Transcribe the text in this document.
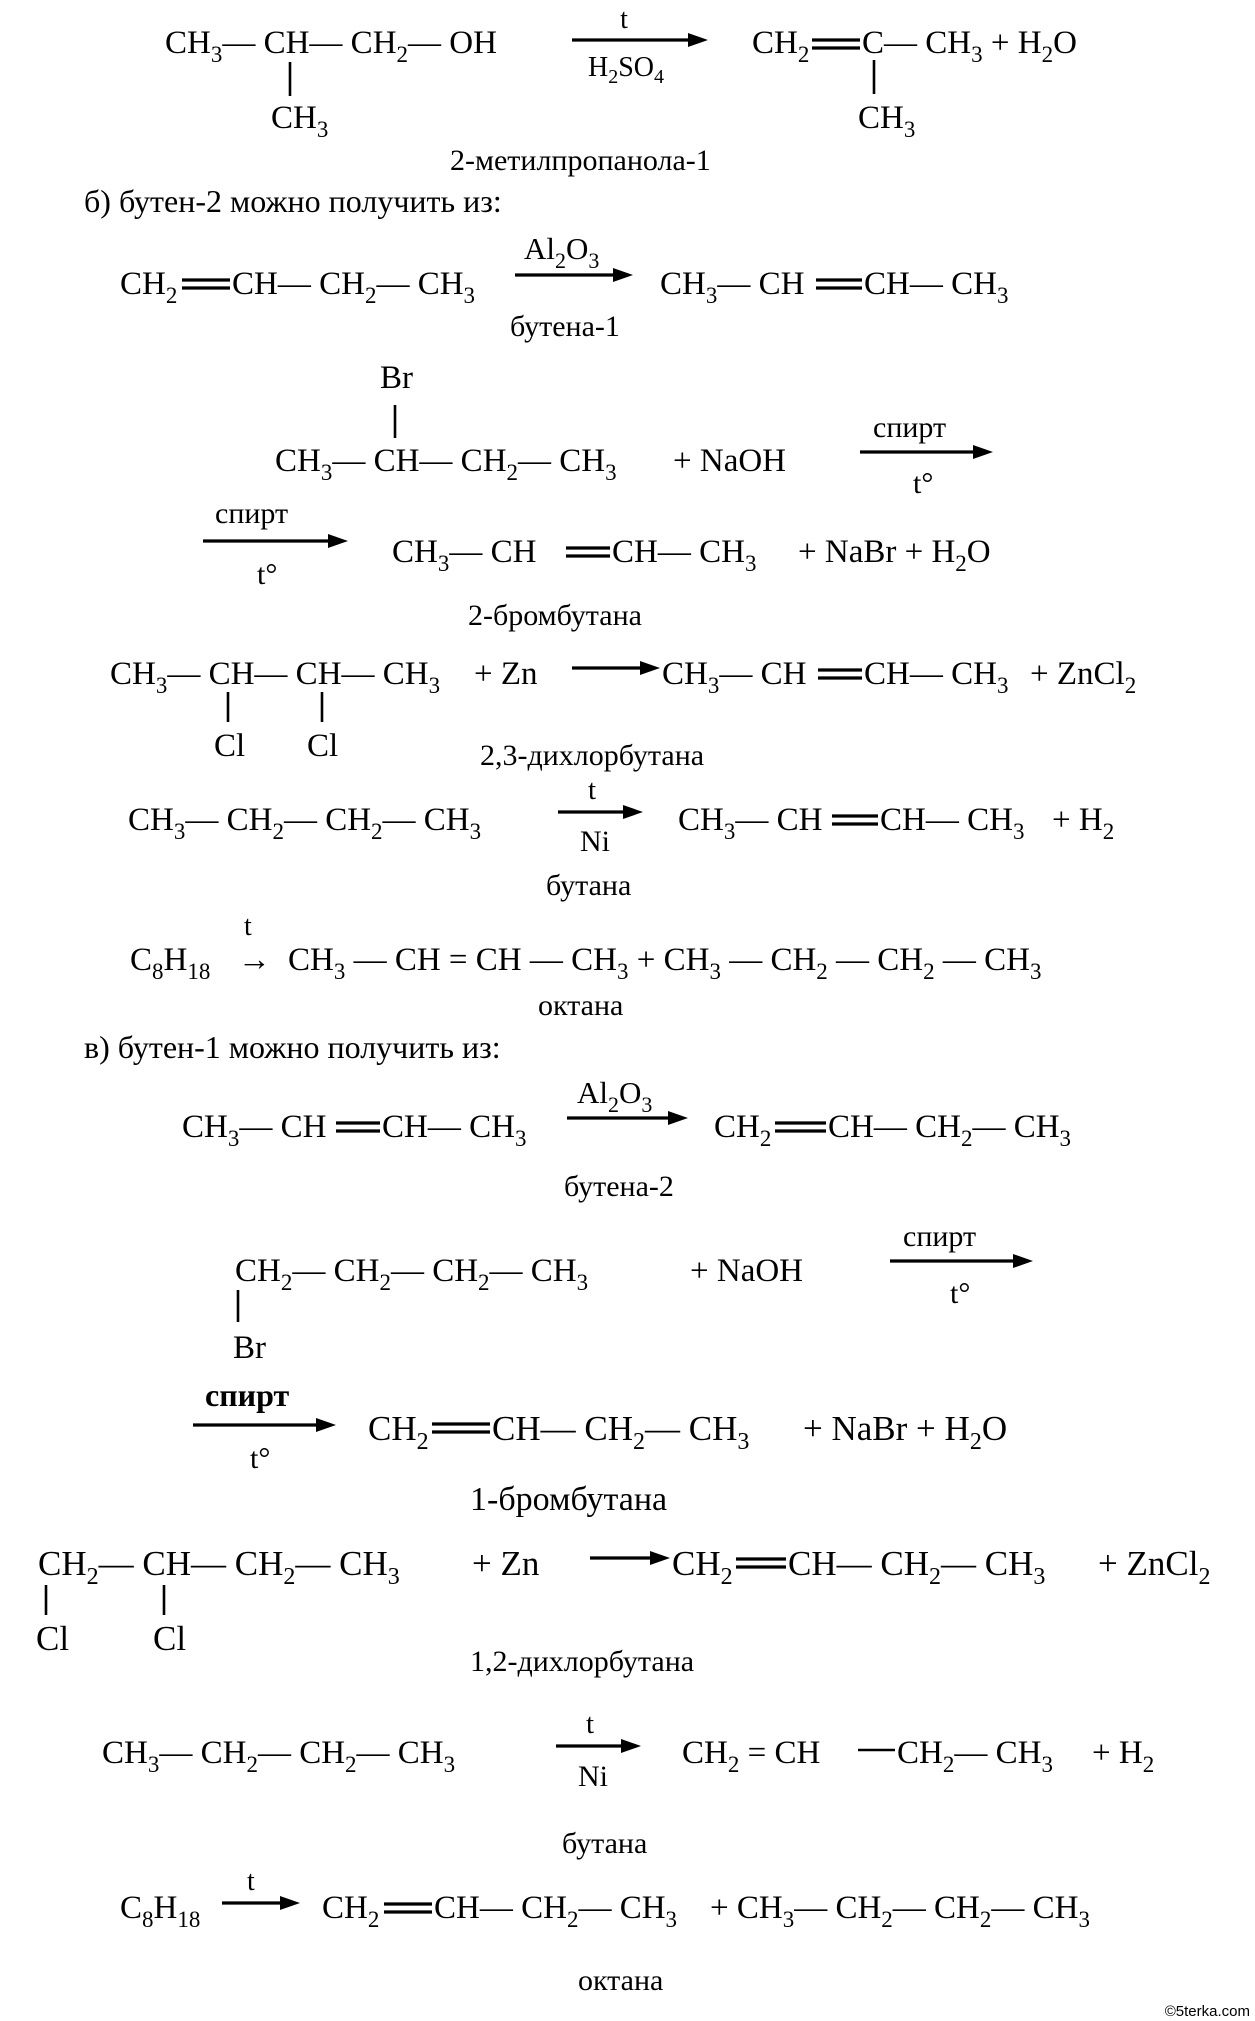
$CH_3—$ CH— $CH_2—$ OH
$CH_3$
t
$H_2SO_4$
$CH_2$ C— $CH_3 + H_2O$
$CH_3$
2-метилпропанола-1
б) бутен-2 можно получить из:
$CH_2$ CH— $CH_2—$ $CH_3$
$Al_2O_3$
$CH_3—$ CH CH— $CH_3$
бутена-1
Br
$CH_3—$ CH— $CH_2—$ $CH_3$ + NaOH
спирт
t°
спирт
t°
$CH_3—$ CH CH— $CH_3$ + NaBr + $H_2O$
2-бромбутана
$CH_3—$ CH— CH— $CH_3$
Cl Cl
+ Zn	$CH_3—$ CH CH— $CH_3$ + ZnCl$_2$
2,3-дихлорбутана
$CH_3—$ $CH_2—$ $CH_2—$ $CH_3$
t
Ni
$CH_3—$ CH CH— $CH_3 + H_2$
бутана
t
$C_8H_{18} \to CH_3$ — CH = CH — $CH_3 + CH_3$ — $CH_2$ — $CH_2$ — $CH_3$
октана
в) бутен-1 можно получить из:
$CH_3—$ CH CH— $CH_3$
$Al_2O_3$
$CH_2$ CH— $CH_2—$ $CH_3$
бутена-2
$CH_2—$ $CH_2—$ $CH_2—$ $CH_3$
Br
+ NaOH
спирт
t°
спирт
t°
$CH_2$ CH— $CH_2—$ $CH_3$ + NaBr + $H_2O$
1-бромбутана
$CH_2—$ CH— $CH_2—$ $CH_3$
Cl Cl
+ Zn	$CH_2$ CH— $CH_2—$ $CH_3$ + ZnCl$_2$
1,2-дихлорбутана
$CH_3—$ $CH_2—$ $CH_2—$ $CH_3$
t
Ni
$CH_2$ = CH $CH_2—$ $CH_3 + H_2$
бутана
$C_8H_{18}$
t
$CH_2$ CH— $CH_2—$ $CH_3$ + $CH_3—$ $CH_2—$ $CH_2—$ $CH_3$
октана
©5terka.com
